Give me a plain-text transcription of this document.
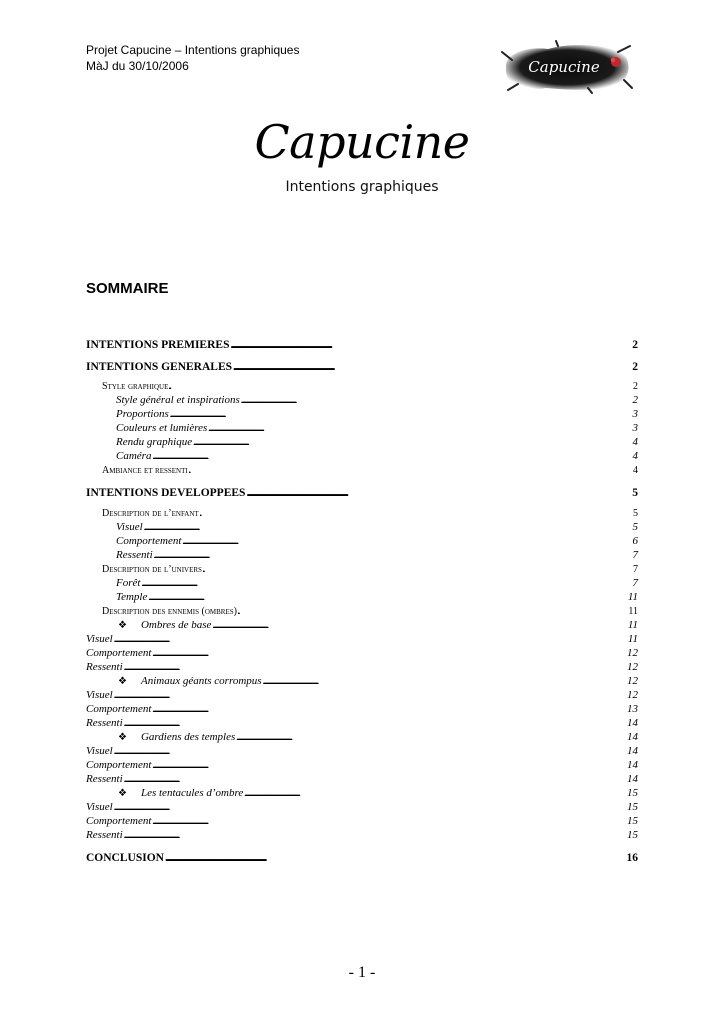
Projet Capucine – Intentions graphiques
MàJ du 30/10/2006	Capucine
Capucine
Intentions graphiques
SOMMAIRE
INTENTIONS PREMIERES . . .	2
INTENTIONS GENERALES . . .	2
Style graphique . . .	2
Style général et inspirations . . .	2
Proportions . . .	3
Couleurs et lumières . . .	3
Rendu graphique . . .	4
Caméra . . .	4
Ambiance et ressenti . . .	4
INTENTIONS DEVELOPPEES . . .	5
Description de l’enfant . . .	5
Visuel . . .	5
Comportement . . .	6
Ressenti . . .	7
Description de l’univers . . .	7
Forêt . . .	7
Temple . . .	11
Description des ennemis (ombres) . . .	11
❖ Ombres de base . . .	11
Visuel . . .	11
Comportement . . .	12
Ressenti . . .	12
❖ Animaux géants corrompus . . .	12
Visuel . . .	12
Comportement . . .	13
Ressenti . . .	14
❖ Gardiens des temples . . .	14
Visuel . . .	14
Comportement . . .	14
Ressenti . . .	14
❖ Les tentacules d’ombre . . .	15
Visuel . . .	15
Comportement . . .	15
Ressenti . . .	15
CONCLUSION . . .	16
- 1 -
